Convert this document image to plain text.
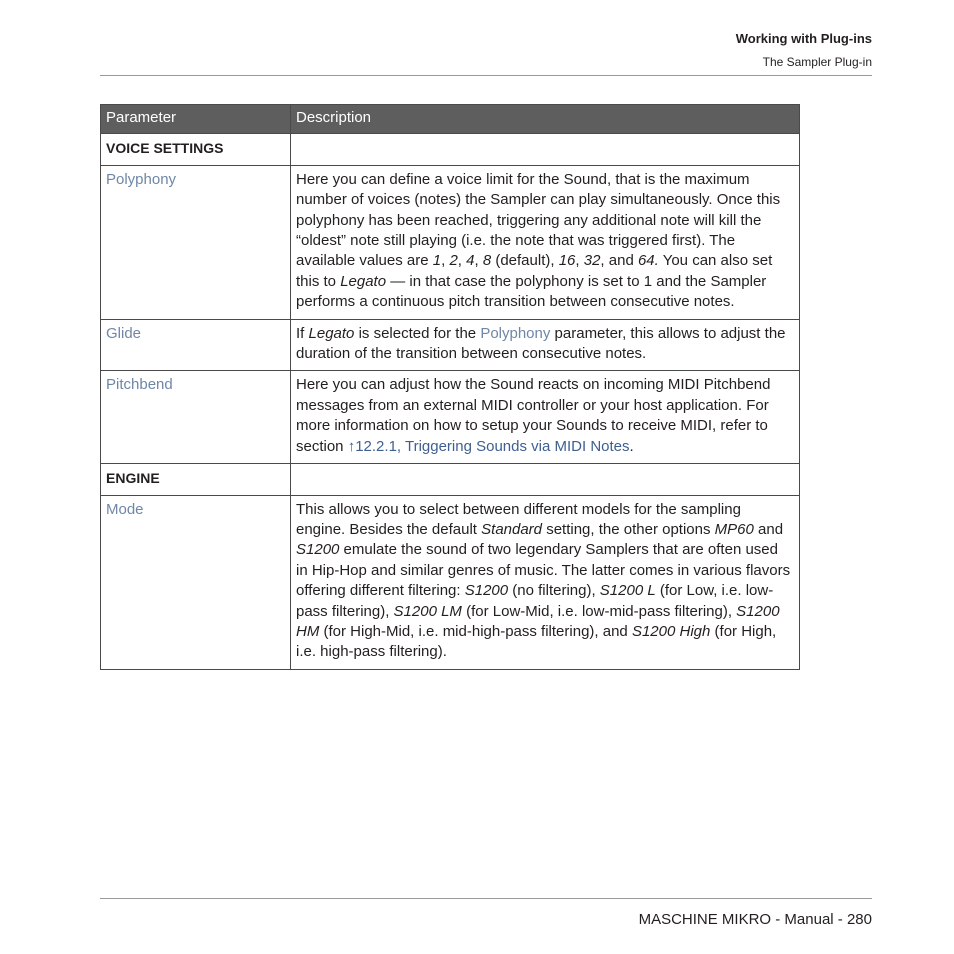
Working with Plug-ins
The Sampler Plug-in
Parameter	Description
VOICE SETTINGS	
Polyphony	Here you can define a voice limit for the Sound, that is the maximum number of voices (notes) the Sampler can play simultaneously. Once this polyphony has been reached, triggering any additional note will kill the “oldest” note still playing (i.e. the note that was triggered first). The available values are 1, 2, 4, 8 (default), 16, 32, and 64. You can also set this to Legato — in that case the polyphony is set to 1 and the Sampler performs a continuous pitch transition between consecutive notes.
Glide	If Legato is selected for the Polyphony parameter, this allows to adjust the duration of the transition between consecutive notes.
Pitchbend	Here you can adjust how the Sound reacts on incoming MIDI Pitchbend messages from an external MIDI controller or your host application. For more information on how to setup your Sounds to receive MIDI, refer to section ↑12.2.1, Triggering Sounds via MIDI Notes.
ENGINE	
Mode	This allows you to select between different models for the sampling engine. Besides the default Standard setting, the other options MP60 and S1200 emulate the sound of two legendary Samplers that are often used in Hip-Hop and similar genres of music. The latter comes in various flavors offering different filtering: S1200 (no filtering), S1200 L (for Low, i.e. low-pass filtering), S1200 LM (for Low-Mid, i.e. low-mid-pass filtering), S1200 HM (for High-Mid, i.e. mid-high-pass filtering), and S1200 High (for High, i.e. high-pass filtering).
MASCHINE MIKRO - Manual - 280
